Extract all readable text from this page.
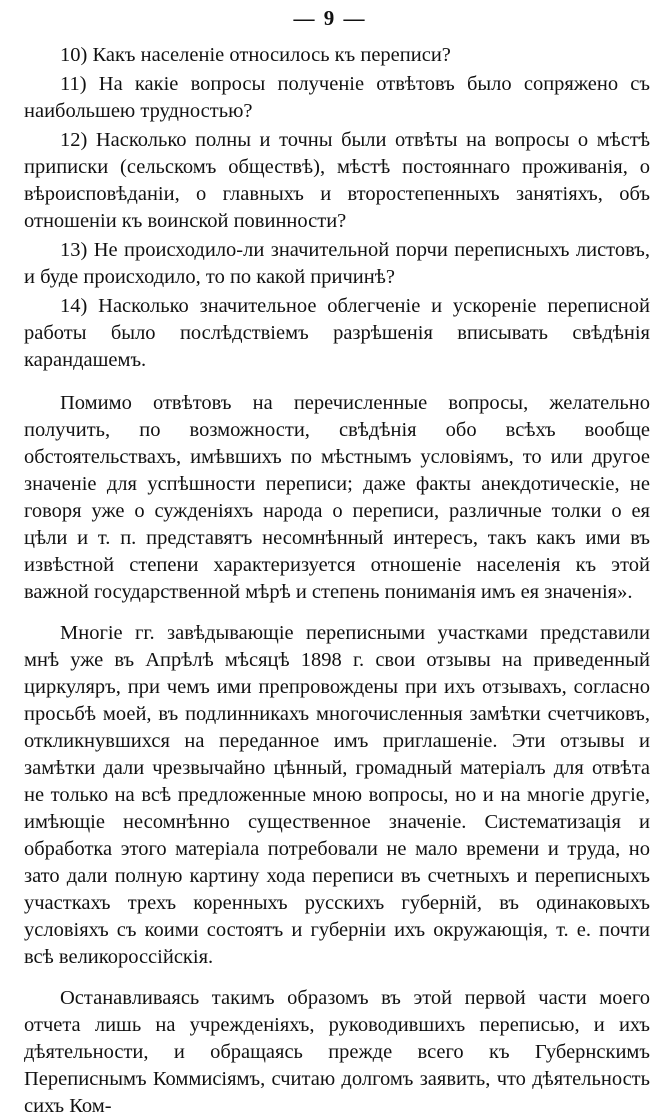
— 9 —

10) Какъ населеніе относилось къ переписи?

11) На какіе вопросы полученіе отвѣтовъ было сопряжено съ наибольшею трудностью?

12) Насколько полны и точны были отвѣты на вопросы о мѣстѣ приписки (сельскомъ обществѣ), мѣстѣ постояннаго проживанія, о вѣроисповѣданіи, о главныхъ и второстепенныхъ занятіяхъ, объ отношеніи къ воинской повинности?

13) Не происходило-ли значительной порчи переписныхъ листовъ, и буде происходило, то по какой причинѣ?

14) Насколько значительное облегченіе и ускореніе переписной работы было послѣдствіемъ разрѣшенія вписывать свѣдѣнія карандашемъ.

Помимо отвѣтовъ на перечисленные вопросы, желательно получить, по возможности, свѣдѣнія обо всѣхъ вообще обстоятельствахъ, имѣвшихъ по мѣстнымъ условіямъ, то или другое значеніе для успѣшности переписи; даже факты анекдотическіе, не говоря уже о сужденіяхъ народа о переписи, различные толки о ея цѣли и т. п. представятъ несомнѣнный интересъ, такъ какъ ими въ извѣстной степени характеризуется отношеніе населенія къ этой важной государственной мѣрѣ и степень пониманія имъ ея значенія».

Многіе гг. завѣдывающіе переписными участками представили мнѣ уже въ Апрѣлѣ мѣсяцѣ 1898 г. свои отзывы на приведенный циркуляръ, при чемъ ими препровождены при ихъ отзывахъ, согласно просьбѣ моей, въ подлинникахъ многочисленныя замѣтки счетчиковъ, откликнувшихся на переданное имъ приглашеніе. Эти отзывы и замѣтки дали чрезвычайно цѣнный, громадный матеріалъ для отвѣта не только на всѣ предложенные мною вопросы, но и на многіе другіе, имѣющіе несомнѣнно существенное значеніе. Систематизація и обработка этого матеріала потребовали не мало времени и труда, но зато дали полную картину хода переписи въ счетныхъ и переписныхъ участкахъ трехъ коренныхъ русскихъ губерній, въ одинаковыхъ условіяхъ съ коими состоятъ и губерніи ихъ окружающія, т. е. почти всѣ великороссійскія.

Останавливаясь такимъ образомъ въ этой первой части моего отчета лишь на учрежденіяхъ, руководившихъ переписью, и ихъ дѣятельности, и обращаясь прежде всего къ Губернскимъ Переписнымъ Коммисіямъ, считаю долгомъ заявить, что дѣятельность сихъ Ком-
